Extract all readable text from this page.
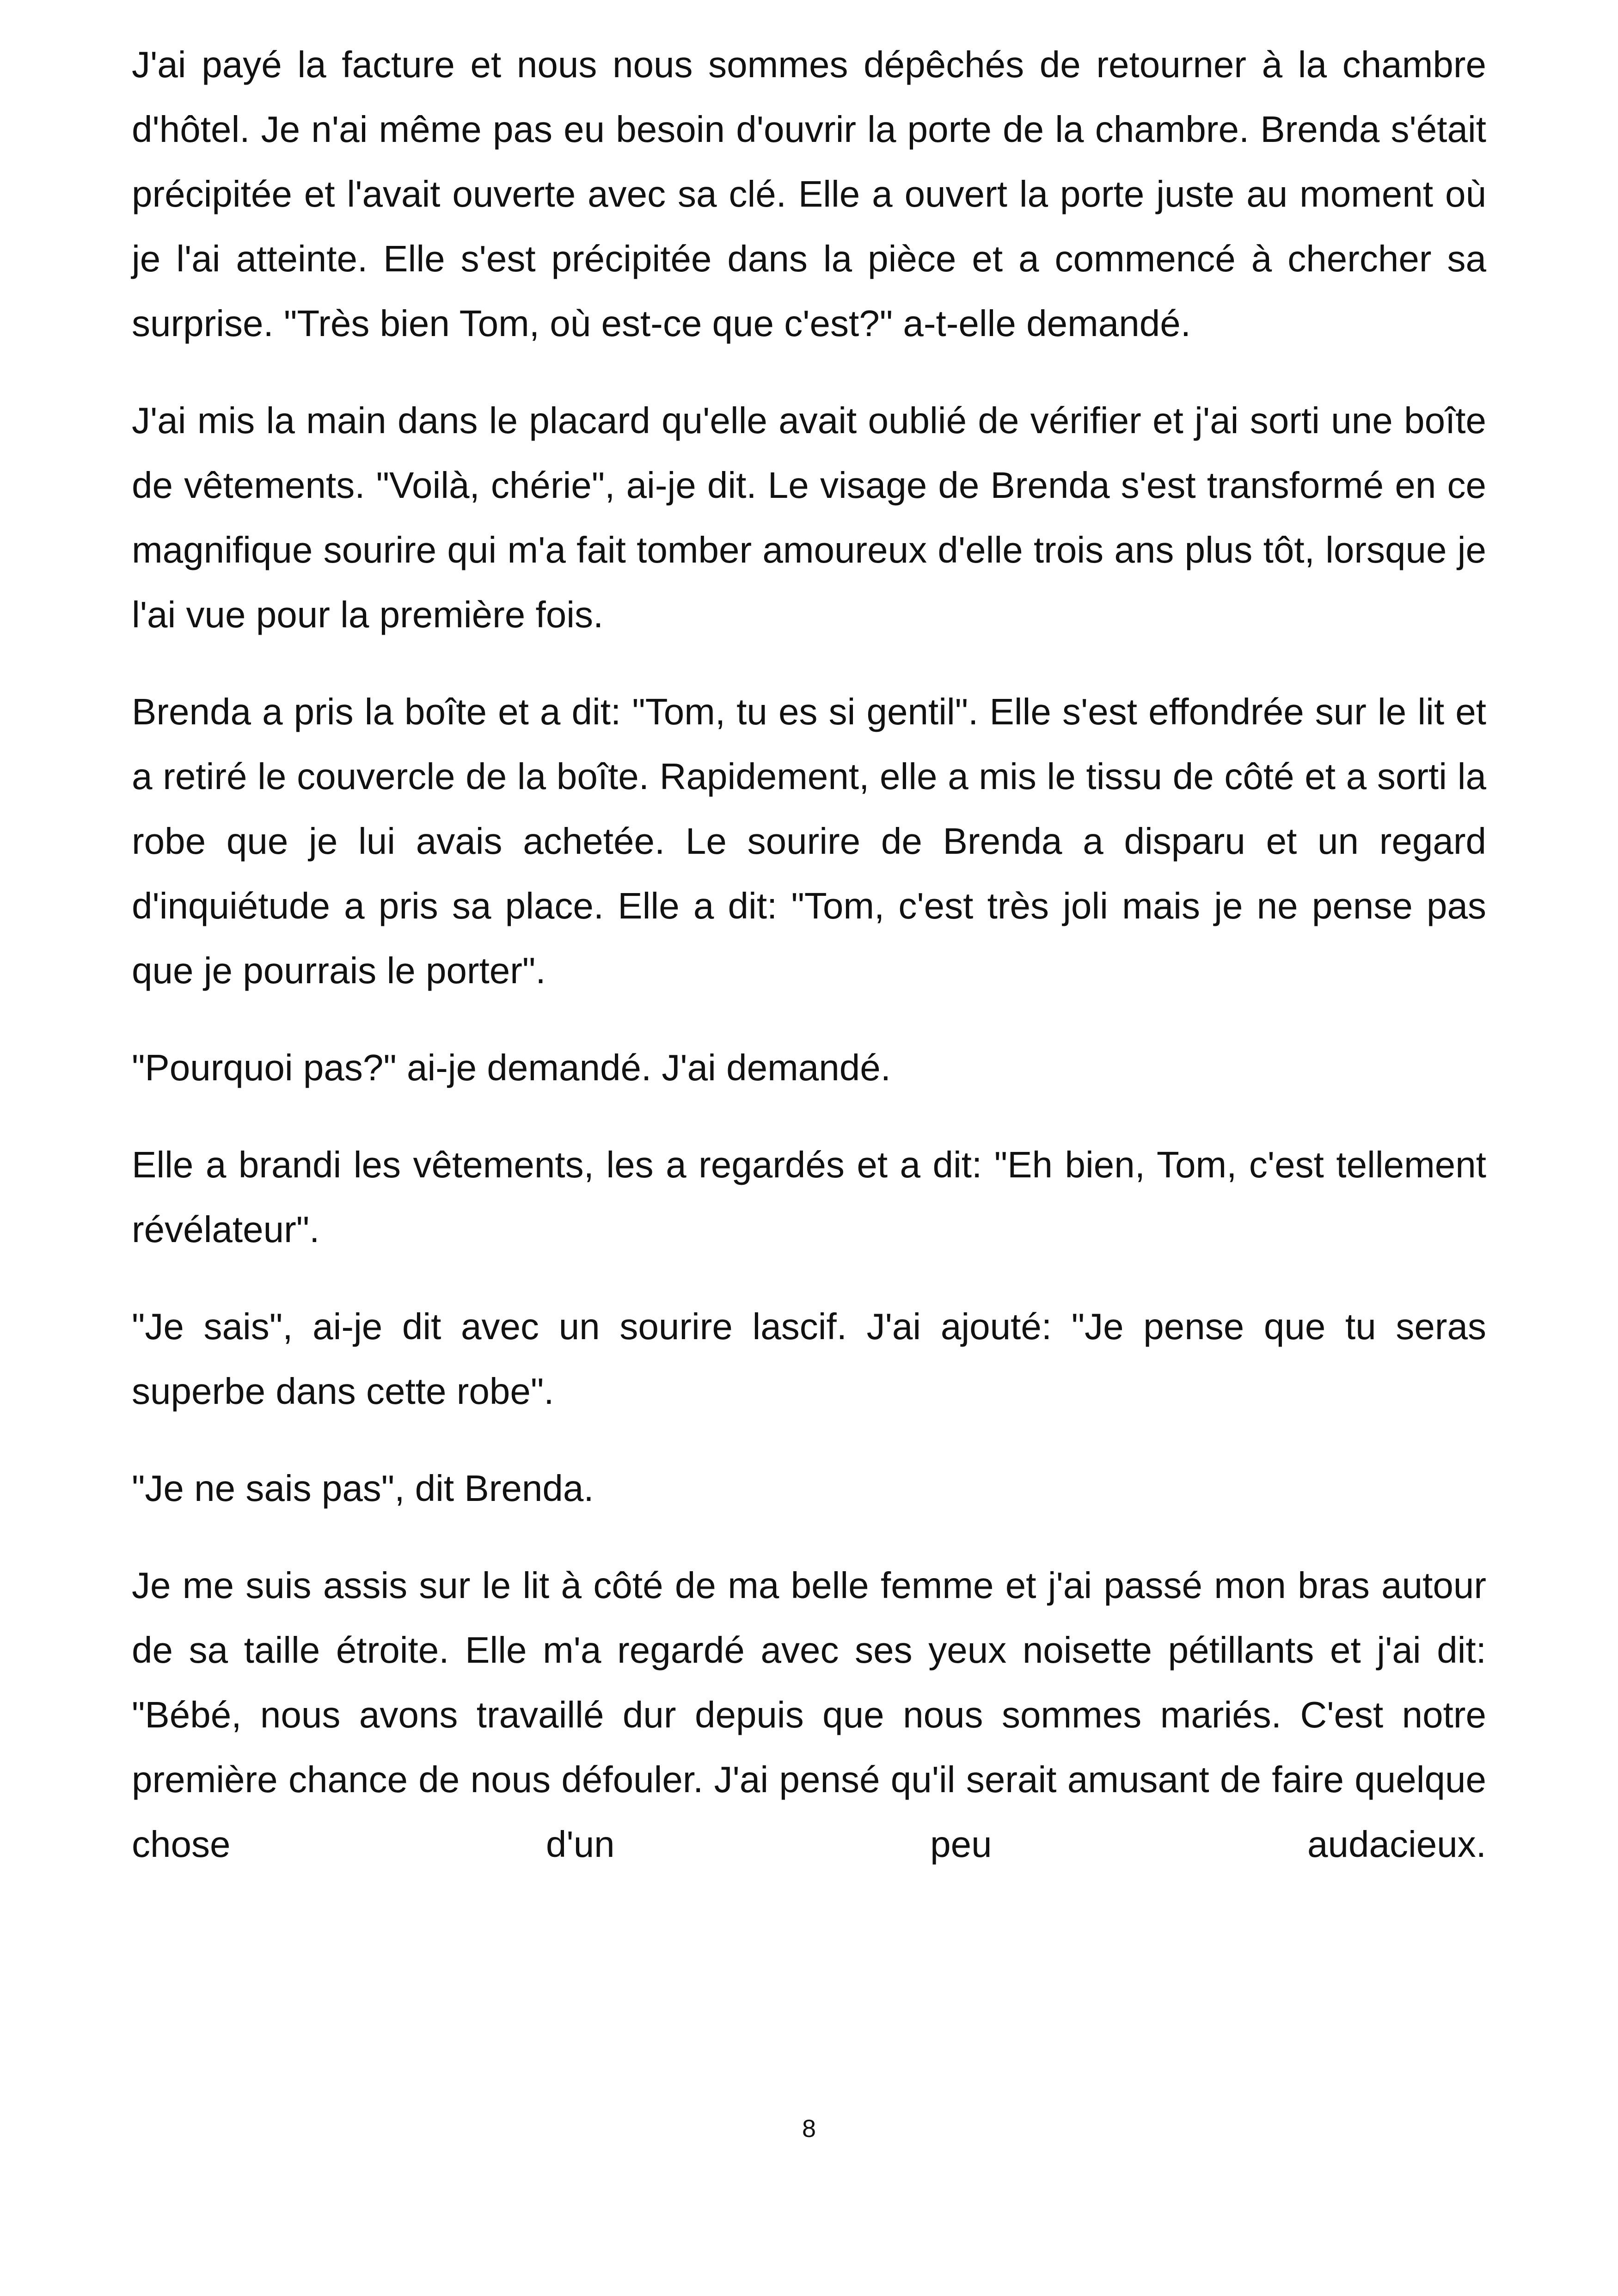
J'ai payé la facture et nous nous sommes dépêchés de retourner à la chambre d'hôtel. Je n'ai même pas eu besoin d'ouvrir la porte de la chambre. Brenda s'était précipitée et l'avait ouverte avec sa clé. Elle a ouvert la porte juste au moment où je l'ai atteinte. Elle s'est précipitée dans la pièce et a commencé à chercher sa surprise. "Très bien Tom, où est-ce que c'est?" a-t-elle demandé.

J'ai mis la main dans le placard qu'elle avait oublié de vérifier et j'ai sorti une boîte de vêtements. "Voilà, chérie", ai-je dit. Le visage de Brenda s'est transformé en ce magnifique sourire qui m'a fait tomber amoureux d'elle trois ans plus tôt, lorsque je l'ai vue pour la première fois.

Brenda a pris la boîte et a dit: "Tom, tu es si gentil". Elle s'est effondrée sur le lit et a retiré le couvercle de la boîte. Rapidement, elle a mis le tissu de côté et a sorti la robe que je lui avais achetée. Le sourire de Brenda a disparu et un regard d'inquiétude a pris sa place. Elle a dit: "Tom, c'est très joli mais je ne pense pas que je pourrais le porter".

"Pourquoi pas?" ai-je demandé. J'ai demandé.

Elle a brandi les vêtements, les a regardés et a dit: "Eh bien, Tom, c'est tellement révélateur".

"Je sais", ai-je dit avec un sourire lascif. J'ai ajouté: "Je pense que tu seras superbe dans cette robe".

"Je ne sais pas", dit Brenda.

Je me suis assis sur le lit à côté de ma belle femme et j'ai passé mon bras autour de sa taille étroite. Elle m'a regardé avec ses yeux noisette pétillants et j'ai dit: "Bébé, nous avons travaillé dur depuis que nous sommes mariés. C'est notre première chance de nous défouler. J'ai pensé qu'il serait amusant de faire quelque chose d'un peu audacieux.

8
